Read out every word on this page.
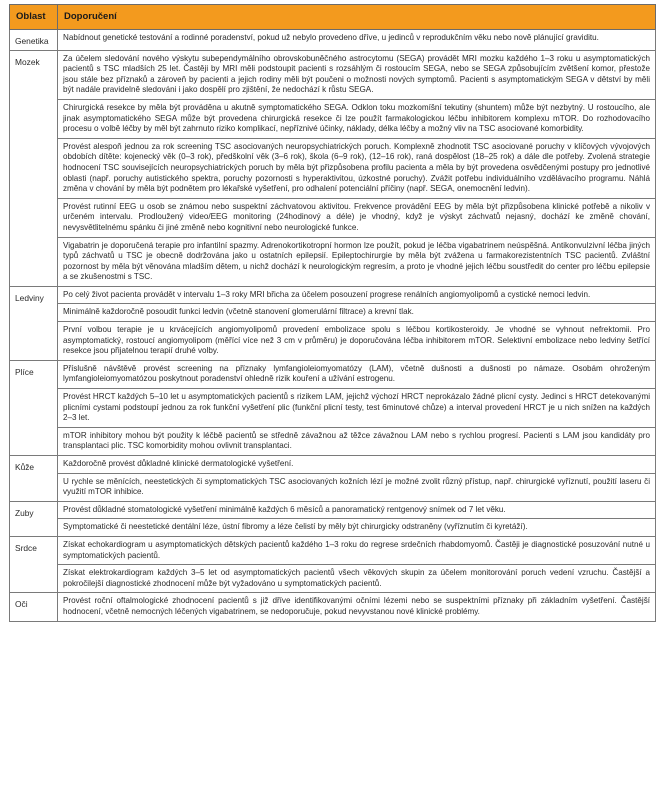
Oblast	Doporučení
Genetika	Nabídnout genetické testování a rodinné poradenství, pokud už nebylo provedeno dříve, u jedinců v reprodukčním věku nebo nově plánující graviditu.
Mozek	Za účelem sledování nového výskytu subependymálního obrovskobuněčného astrocytomu (SEGA) provádět MRI mozku každého 1–3 roku u asymptomatických pacientů s TSC mladších 25 let. Častěji by MRI měli podstoupit pacienti s rozsáhlým či rostoucím SEGA, nebo se SEGA způsobujícím zvětšení komor, přestože jsou stále bez příznaků a zároveň by pacienti a jejich rodiny měli být poučeni o možnosti nových symptomů. Pacienti s asymptomatickým SEGA v dětství by měli být nadále pravidelně sledováni i jako dospělí pro zjištění, že nedochází k růstu SEGA.
	Chirurgická resekce by měla být prováděna u akutně symptomatického SEGA. Odklon toku mozkomíšní tekutiny (shuntem) může být nezbytný. U rostoucího, ale jinak asymptomatického SEGA může být provedena chirurgická resekce či lze použít farmakologickou léčbu inhibitorem komplexu mTOR. Do rozhodovacího procesu o volbě léčby by měl být zahrnuto riziko komplikací, nepříznivé účinky, náklady, délka léčby a možný vliv na TSC asociované komorbidity.
	Provést alespoň jednou za rok screening TSC asociovaných neuropsychiatrických poruch. Komplexně zhodnotit TSC asociované poruchy v klíčových vývojových obdobích dítěte: kojenecký věk (0–3 rok), předškolní věk (3–6 rok), škola (6–9 rok), (12–16 rok), raná dospělost (18–25 rok) a dále dle potřeby. Zvolená strategie hodnocení TSC souvisejících neuropsychiatrických poruch by měla být přizpůsobena profilu pacienta a měla by být provedena osvědčenými postupy pro jednotlivé oblasti (např. poruchy autistického spektra, poruchy pozornosti s hyperaktivitou, úzkostné poruchy). Zvážit potřebu individuálního vzdělávacího programu. Náhlá změna v chování by měla být podnětem pro lékařské vyšetření, pro odhalení potenciální příčiny (např. SEGA, onemocnění ledvin).
	Provést rutinní EEG u osob se známou nebo suspektní záchvatovou aktivitou. Frekvence provádění EEG by měla být přizpůsobena klinické potřebě a nikoliv v určeném intervalu. Prodloužený video/EEG monitoring (24hodinový a déle) je vhodný, když je výskyt záchvatů nejasný, dochází ke změně chování, nevysvětlitelnému spánku či jiné změně nebo kognitivní nebo neurologické funkce.
	Vigabatrin je doporučená terapie pro infantilní spazmy. Adrenokortikotropní hormon lze použít, pokud je léčba vigabatrinem neúspěšná. Antikonvulzivní léčba jiných typů záchvatů u TSC je obecně dodržována jako u ostatních epilepsií. Epileptochirurgie by měla být zvážena u farmakorezistentních TSC pacientů. Zvláštní pozornost by měla být věnována mladším dětem, u nichž dochází k neurologickým regresím, a proto je vhodné jejich léčbu soustředit do center pro léčbu epilepsie a se zkušenostmi s TSC.
Ledviny	Po celý život pacienta provádět v intervalu 1–3 roky MRI břicha za účelem posouzení progrese renálních angiomyolipomů a cystické nemoci ledvin.
	Minimálně každoročně posoudit funkci ledvin (včetně stanovení glomerulární filtrace) a krevní tlak.
	První volbou terapie je u krvácejících angiomyolipomů provedení embolizace spolu s léčbou kortikosteroidy. Je vhodné se vyhnout nefrektomii. Pro asymptomatický, rostoucí angiomyolipom (měřící více než 3 cm v průměru) je doporučována léčba inhibitorem mTOR. Selektivní embolizace nebo ledviny šetřící resekce jsou přijatelnou terapií druhé volby.
Plíce	Příslušně návštěvě provést screening na příznaky lymfangioleiomyomatózy (LAM), včetně dušnosti a dušnosti po námaze. Osobám ohroženým lymfangioleiomyomatózou poskytnout poradenství ohledně rizik kouření a užívání estrogenu.
	Provést HRCT každých 5–10 let u asymptomatických pacientů s rizikem LAM, jejichž výchozí HRCT neprokázalo žádné plicní cysty. Jedinci s HRCT detekovanými plicními cystami podstoupí jednou za rok funkční vyšetření plic (funkční plicní testy, test 6minutové chůze) a interval provedení HRCT je u nich snížen na každých 2–3 let.
	mTOR inhibitory mohou být použity k léčbě pacientů se středně závažnou až těžce závažnou LAM nebo s rychlou progresí. Pacienti s LAM jsou kandidáty pro transplantaci plic. TSC komorbidity mohou ovlivnit transplantaci.
Kůže	Každoročně provést důkladné klinické dermatologické vyšetření.
	U rychle se měnících, neestetických či symptomatických TSC asociovaných kožních lézí je možné zvolit různý přístup, např. chirurgické vyříznutí, použití laseru či využití mTOR inhibice.
Zuby	Provést důkladné stomatologické vyšetření minimálně každých 6 měsíců a panoramatický rentgenový snímek od 7 let věku.
	Symptomatické či neestetické dentální léze, ústní fibromy a léze čelistí by měly být chirurgicky odstraněny (vyříznutím či kyretáží).
Srdce	Získat echokardiogram u asymptomatických dětských pacientů každého 1–3 roku do regrese srdečních rhabdomyomů. Častěji je diagnostické posuzování nutné u symptomatických pacientů.
	Získat elektrokardiogram každých 3–5 let od asymptomatických pacientů všech věkových skupin za účelem monitorování poruch vedení vzruchu. Častější a pokročilejší diagnostické zhodnocení může být vyžadováno u symptomatických pacientů.
Oči	Provést roční oftalmologické zhodnocení pacientů s již dříve identifikovanými očními lézemi nebo se suspektními příznaky při základním vyšetření. Častější hodnocení, včetně nemocných léčených vigabatrinem, se nedoporučuje, pokud nevyvstanou nové klinické problémy.
